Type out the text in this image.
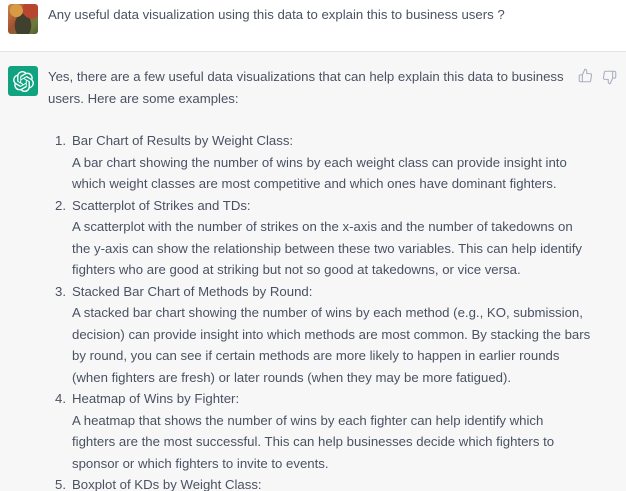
Any useful data visualization using this data to explain this to business users ?

Yes, there are a few useful data visualizations that can help explain this data to business
users. Here are some examples:

1. Bar Chart of Results by Weight Class:
A bar chart showing the number of wins by each weight class can provide insight into
which weight classes are most competitive and which ones have dominant fighters.
2. Scatterplot of Strikes and TDs:
A scatterplot with the number of strikes on the x-axis and the number of takedowns on
the y-axis can show the relationship between these two variables. This can help identify
fighters who are good at striking but not so good at takedowns, or vice versa.
3. Stacked Bar Chart of Methods by Round:
A stacked bar chart showing the number of wins by each method (e.g., KO, submission,
decision) can provide insight into which methods are most common. By stacking the bars
by round, you can see if certain methods are more likely to happen in earlier rounds
(when fighters are fresh) or later rounds (when they may be more fatigued).
4. Heatmap of Wins by Fighter:
A heatmap that shows the number of wins by each fighter can help identify which
fighters are the most successful. This can help businesses decide which fighters to
sponsor or which fighters to invite to events.
5. Boxplot of KDs by Weight Class:
